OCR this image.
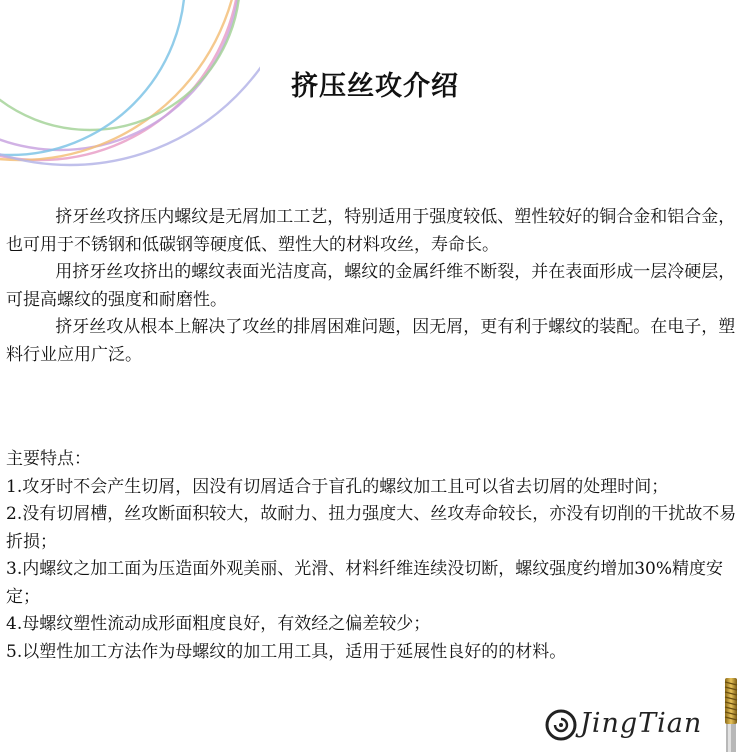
挤压丝攻介绍

挤牙丝攻挤压内螺纹是无屑加工工艺，特别适用于强度较低、塑性较好的铜合金和铝合金，也可用于不锈钢和低碳钢等硬度低、塑性大的材料攻丝，寿命长。

用挤牙丝攻挤出的螺纹表面光洁度高，螺纹的金属纤维不断裂，并在表面形成一层冷硬层，可提高螺纹的强度和耐磨性。

挤牙丝攻从根本上解决了攻丝的排屑困难问题，因无屑，更有利于螺纹的装配。在电子，塑料行业应用广泛。

主要特点：

1.攻牙时不会产生切屑，因没有切屑适合于盲孔的螺纹加工且可以省去切屑的处理时间；
2.没有切屑槽，丝攻断面积较大，故耐力、扭力强度大、丝攻寿命较长，亦没有切削的干扰故不易折损；
3.内螺纹之加工面为压造面外观美丽、光滑、材料纤维连续没切断，螺纹强度约增加30%精度安定；
4.母螺纹塑性流动成形面粗度良好，有效经之偏差较少；
5.以塑性加工方法作为母螺纹的加工用工具，适用于延展性良好的的材料。
JingTian
